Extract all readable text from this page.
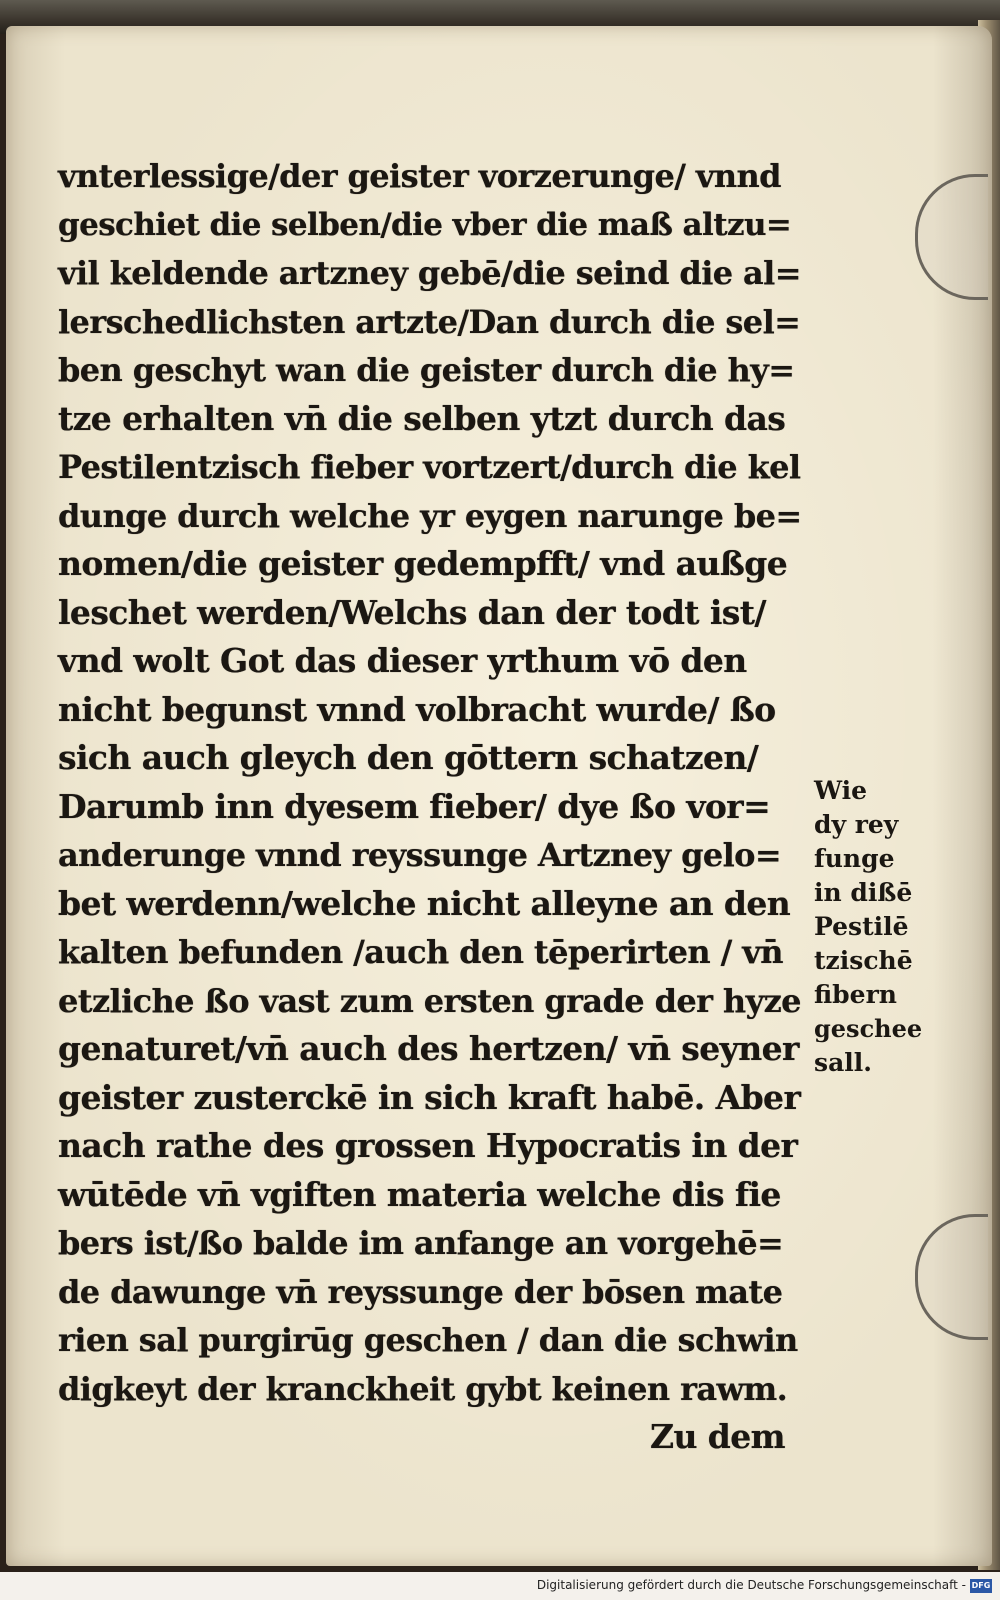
vnterlessige/der geister vorzerunge/ vnnd
geschiet die selben/die vber die maß altzu=
vil keldende artzney gebē/die seind die al=
lerschedlichsten artzte/Dan durch die sel=
ben geschyt wan die geister durch die hy=
tze erhalten vn̄ die selben ytzt durch das
Pestilentzisch fieber vortzert/durch die kel
dunge durch welche yr eygen narunge be=
nomen/die geister gedempfft/ vnd außge
leschet werden/Welchs dan der todt ist/
vnd wolt Got das dieser yrthum vō den
nicht begunst vnnd volbracht wurde/ ßo
sich auch gleych den gōttern schatzen/
Darumb inn dyesem fieber/ dye ßo vor=
anderunge vnnd reyssunge Artzney gelo=
bet werdenn/welche nicht alleyne an den
kalten befunden /auch den tēperirten / vn̄
etzliche ßo vast zum ersten grade der hyze
genaturet/vn̄ auch des hertzen/ vn̄ seyner
geister zusterckē in sich kraft habē. Aber
nach rathe des grossen Hypocratis in der
wūtēde vn̄ vgiften materia welche dis fie
bers ist/ßo balde im anfange an vorgehē=
de dawunge vn̄ reyssunge der bōsen mate
rien sal purgirūg geschen / dan die schwin
digkeyt der kranckheit gybt keinen rawm.
Zu dem
Wie
dy rey
funge
in dißē
Pestilē
tzischē
fibern
geschee
sall.
Digitalisierung gefördert durch die Deutsche Forschungsgemeinschaft - DFG
